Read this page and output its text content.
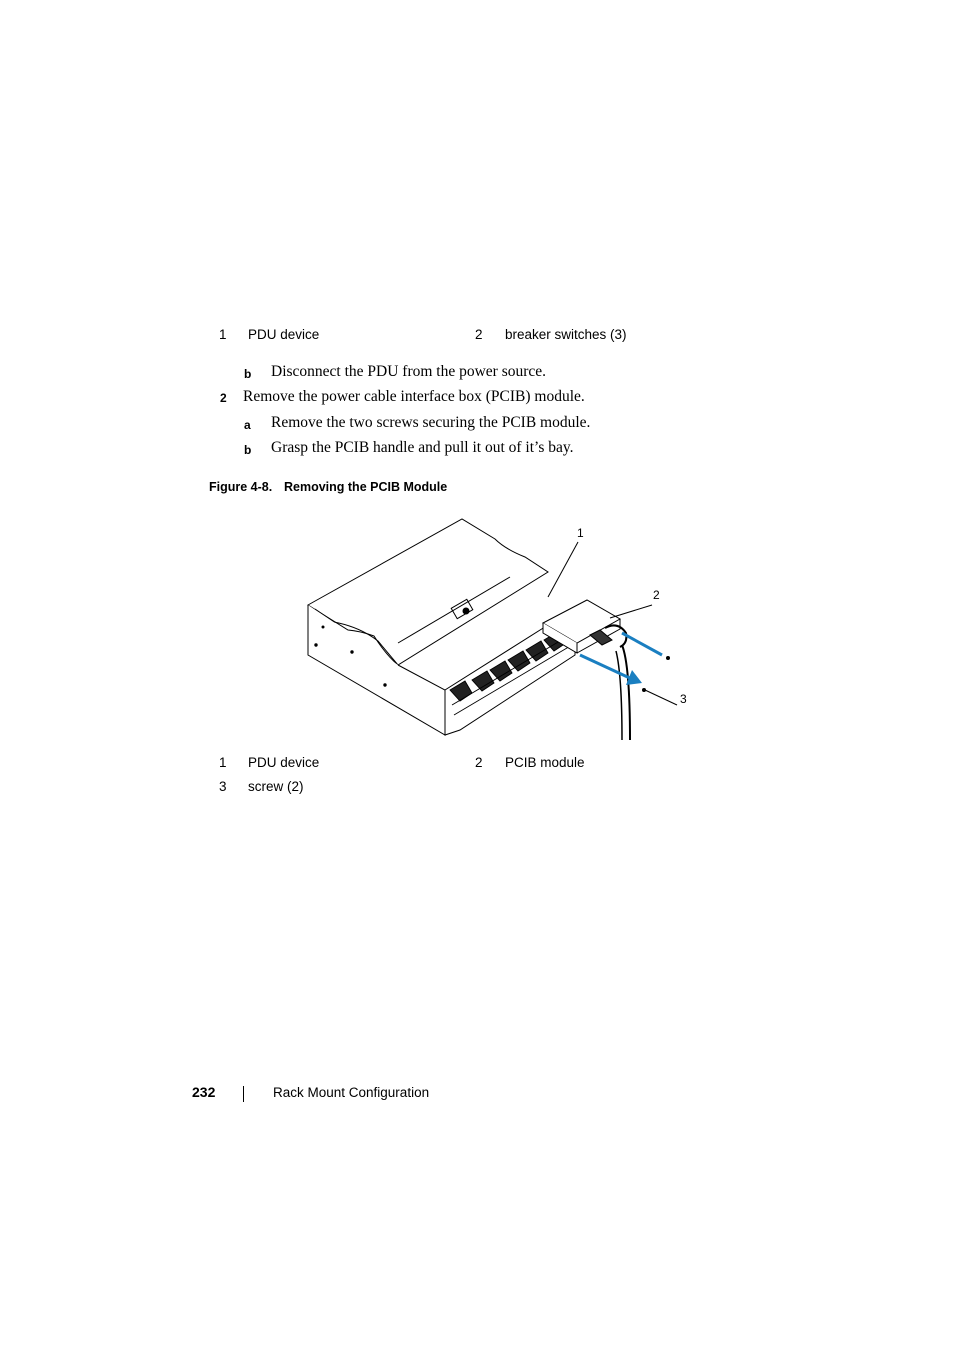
1 PDU device	2 breaker switches (3)
b Disconnect the PDU from the power source.
2 Remove the power cable interface box (PCIB) module.
a Remove the two screws securing the PCIB module.
b Grasp the PCIB handle and pull it out of it’s bay.
Figure 4-8. Removing the PCIB Module
1
2
3
1 PDU device	2 PCIB module
3 screw (2)
232	Rack Mount Configuration
